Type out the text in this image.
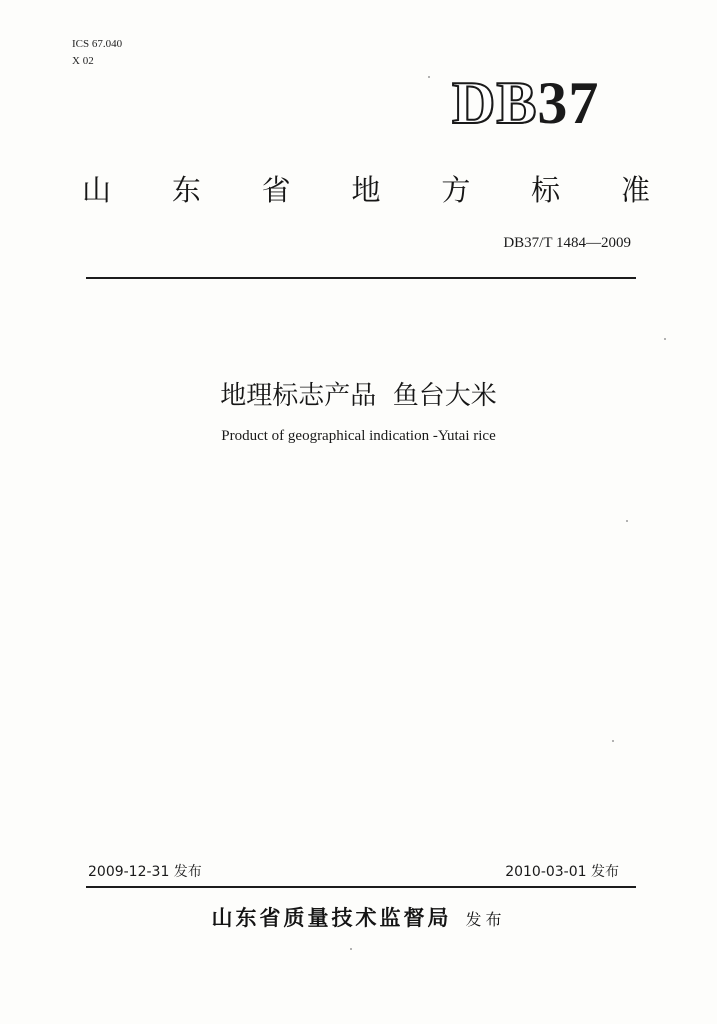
ICS 67.040
X 02
DB37
山 东 省 地 方 标 准
DB37/T 1484—2009
地理标志产品  鱼台大米
Product of geographical indication -Yutai rice
2009-12-31 发布	2010-03-01 发布
山东省质量技术监督局 发布
